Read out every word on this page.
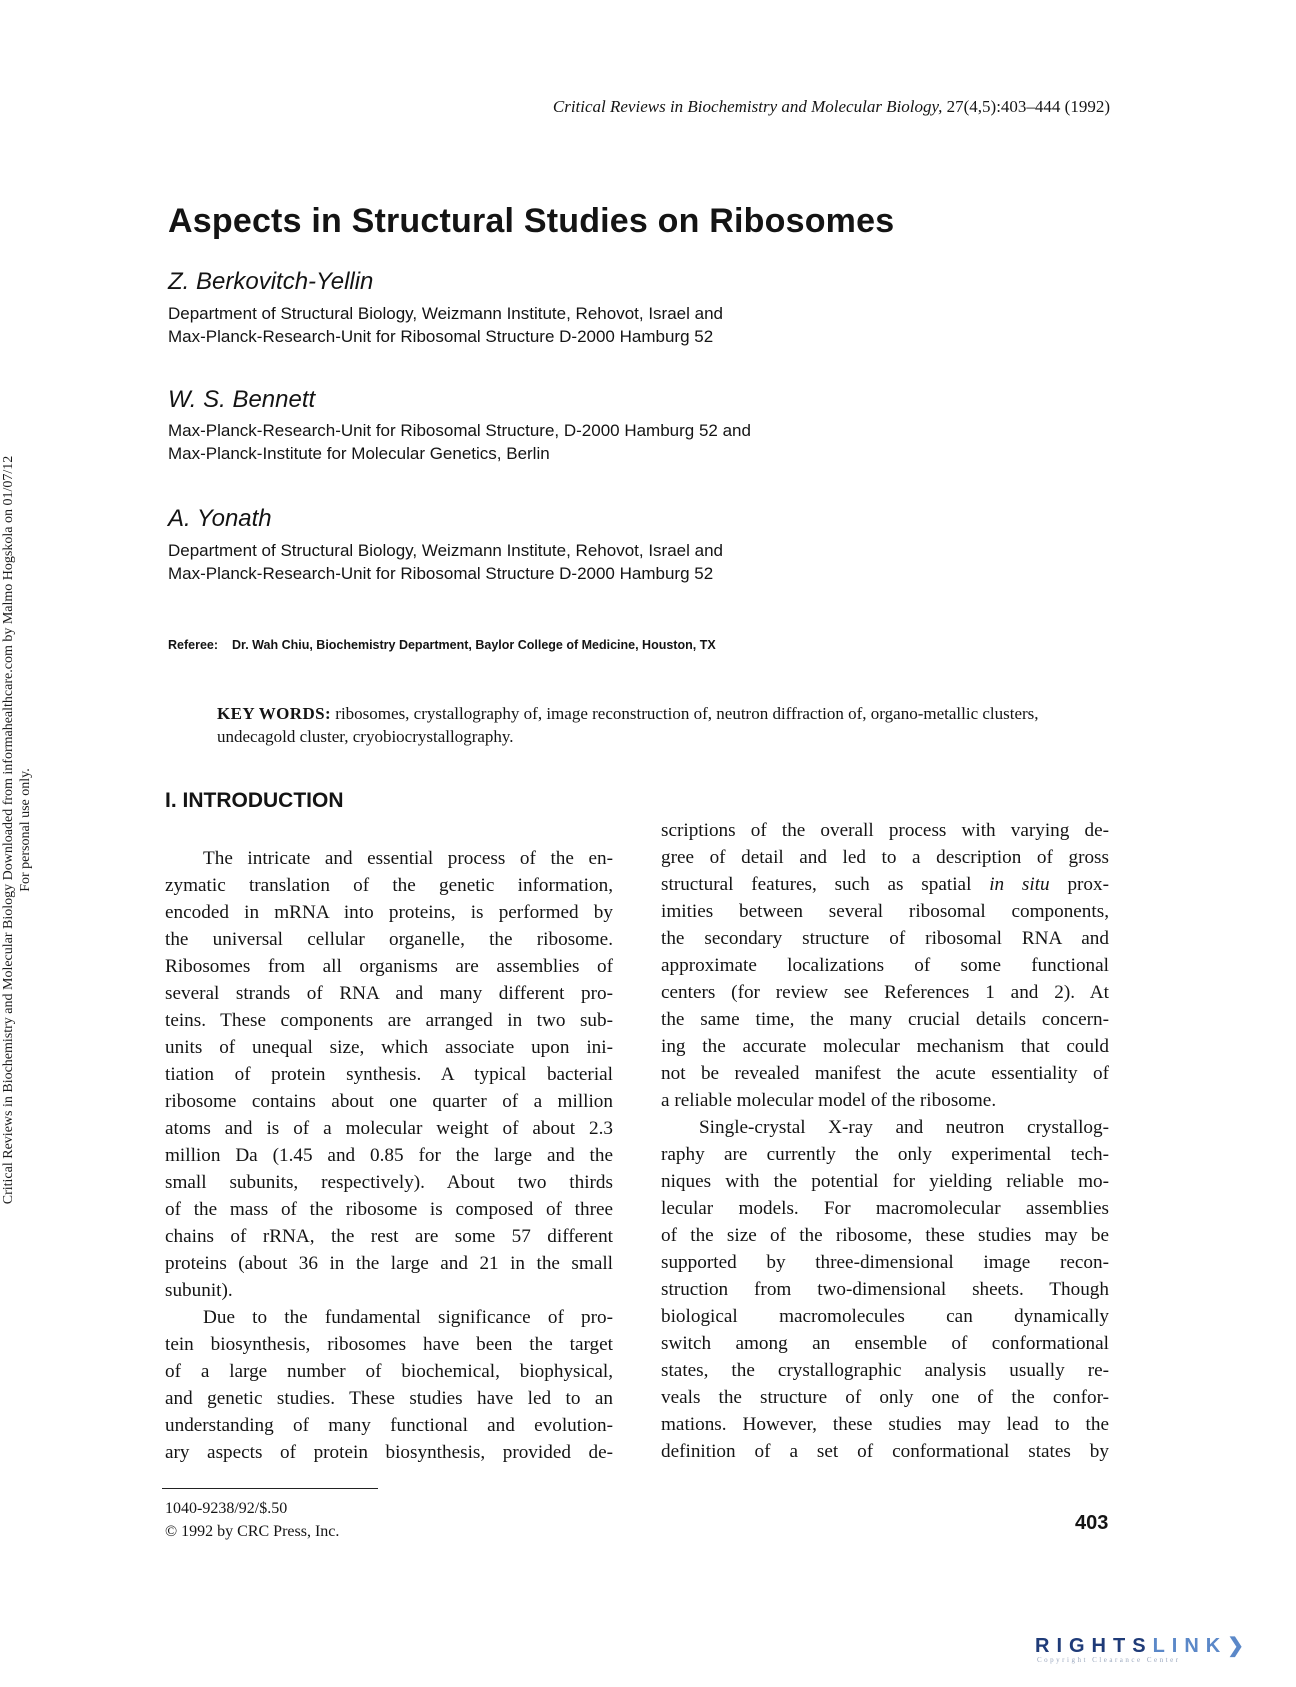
Critical Reviews in Biochemistry and Molecular Biology, 27(4,5):403–444 (1992)
Aspects in Structural Studies on Ribosomes
Z. Berkovitch-Yellin
Department of Structural Biology, Weizmann Institute, Rehovot, Israel and
Max-Planck-Research-Unit for Ribosomal Structure D-2000 Hamburg 52
W. S. Bennett
Max-Planck-Research-Unit for Ribosomal Structure, D-2000 Hamburg 52 and
Max-Planck-Institute for Molecular Genetics, Berlin
A. Yonath
Department of Structural Biology, Weizmann Institute, Rehovot, Israel and
Max-Planck-Research-Unit for Ribosomal Structure D-2000 Hamburg 52
Referee: Dr. Wah Chiu, Biochemistry Department, Baylor College of Medicine, Houston, TX
KEY WORDS: ribosomes, crystallography of, image reconstruction of, neutron diffraction of, organo-metallic clusters, undecagold cluster, cryobiocrystallography.
I. INTRODUCTION
The intricate and essential process of the en-
zymatic translation of the genetic information,
encoded in mRNA into proteins, is performed by
the universal cellular organelle, the ribosome.
Ribosomes from all organisms are assemblies of
several strands of RNA and many different pro-
teins. These components are arranged in two sub-
units of unequal size, which associate upon ini-
tiation of protein synthesis. A typical bacterial
ribosome contains about one quarter of a million
atoms and is of a molecular weight of about 2.3
million Da (1.45 and 0.85 for the large and the
small subunits, respectively). About two thirds
of the mass of the ribosome is composed of three
chains of rRNA, the rest are some 57 different
proteins (about 36 in the large and 21 in the small
subunit).
Due to the fundamental significance of pro-
tein biosynthesis, ribosomes have been the target
of a large number of biochemical, biophysical,
and genetic studies. These studies have led to an
understanding of many functional and evolution-
ary aspects of protein biosynthesis, provided de-
scriptions of the overall process with varying de-
gree of detail and led to a description of gross
structural features, such as spatial in situ prox-
imities between several ribosomal components,
the secondary structure of ribosomal RNA and
approximate localizations of some functional
centers (for review see References 1 and 2). At
the same time, the many crucial details concern-
ing the accurate molecular mechanism that could
not be revealed manifest the acute essentiality of
a reliable molecular model of the ribosome.
Single-crystal X-ray and neutron crystallog-
raphy are currently the only experimental tech-
niques with the potential for yielding reliable mo-
lecular models. For macromolecular assemblies
of the size of the ribosome, these studies may be
supported by three-dimensional image recon-
struction from two-dimensional sheets. Though
biological macromolecules can dynamically
switch among an ensemble of conformational
states, the crystallographic analysis usually re-
veals the structure of only one of the confor-
mations. However, these studies may lead to the
definition of a set of conformational states by
1040-9238/92/$.50
© 1992 by CRC Press, Inc.	403
Critical Reviews in Biochemistry and Molecular Biology Downloaded from informahealthcare.com by Malmo Hogskola on 01/07/12 For personal use only.
RIGHTSLINK❯
Copyright Clearance Center
